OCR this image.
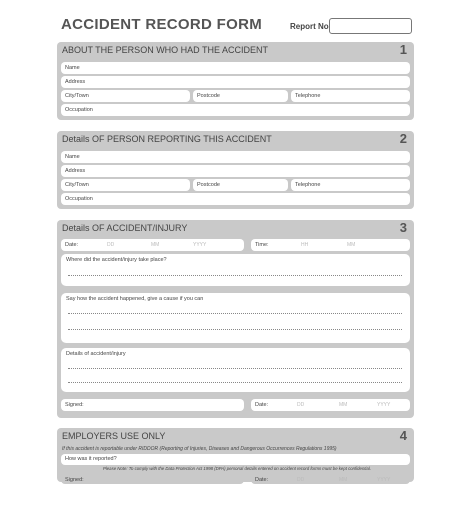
ACCIDENT RECORD FORM	Report No
ABOUT THE PERSON WHO HAD THE ACCIDENT	1
Name
Address
City/Town	Postcode	Telephone
Occupation
Details OF PERSON REPORTING THIS ACCIDENT	2
Name
Address
City/Town	Postcode	Telephone
Occupation
Details OF ACCIDENT/INJURY	3
Date:	DD	MM	YYYY	Time:	HH	MM
Where did the accident/injury take place?
Say how the accident happened, give a cause if you can
Details of accident/injury
Signed:	Date:	DD	MM	YYYY
EMPLOYERS USE ONLY	4
If this accident is reportable under RIDDOR (Reporting of Injuries, Diseases and Dangerous Occurrences Regulations 1995)
How was it reported?
Please Note: To comply with the Data Protection Act 1998 (DPA) personal details entered on accident record forms must be kept confidential.
Signed:	Date:	DD	MM	YYYY
